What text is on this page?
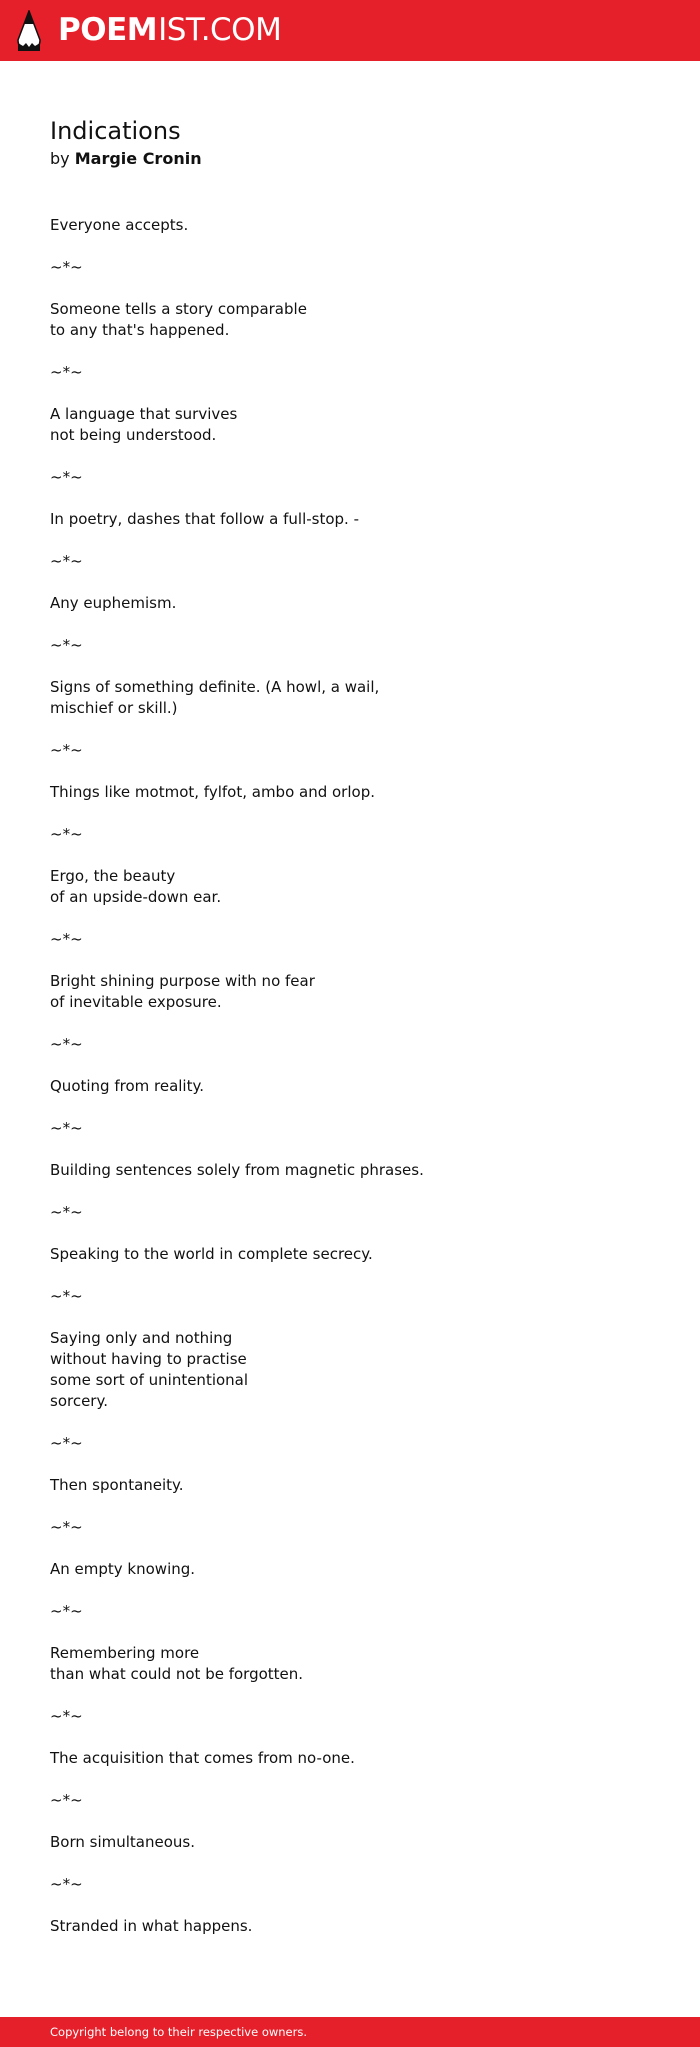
POEM IST.COM
Indications
by Margie Cronin
Everyone accepts.
~*~
Someone tells a story comparable
to any that's happened.
~*~
A language that survives
not being understood.
~*~
In poetry, dashes that follow a full-stop. -
~*~
Any euphemism.
~*~
Signs of something definite. (A howl, a wail,
mischief or skill.)
~*~
Things like motmot, fylfot, ambo and orlop.
~*~
Ergo, the beauty
of an upside-down ear.
~*~
Bright shining purpose with no fear
of inevitable exposure.
~*~
Quoting from reality.
~*~
Building sentences solely from magnetic phrases.
~*~
Speaking to the world in complete secrecy.
~*~
Saying only and nothing
without having to practise
some sort of unintentional
sorcery.
~*~
Then spontaneity.
~*~
An empty knowing.
~*~
Remembering more
than what could not be forgotten.
~*~
The acquisition that comes from no-one.
~*~
Born simultaneous.
~*~
Stranded in what happens.
Copyright belong to their respective owners.
